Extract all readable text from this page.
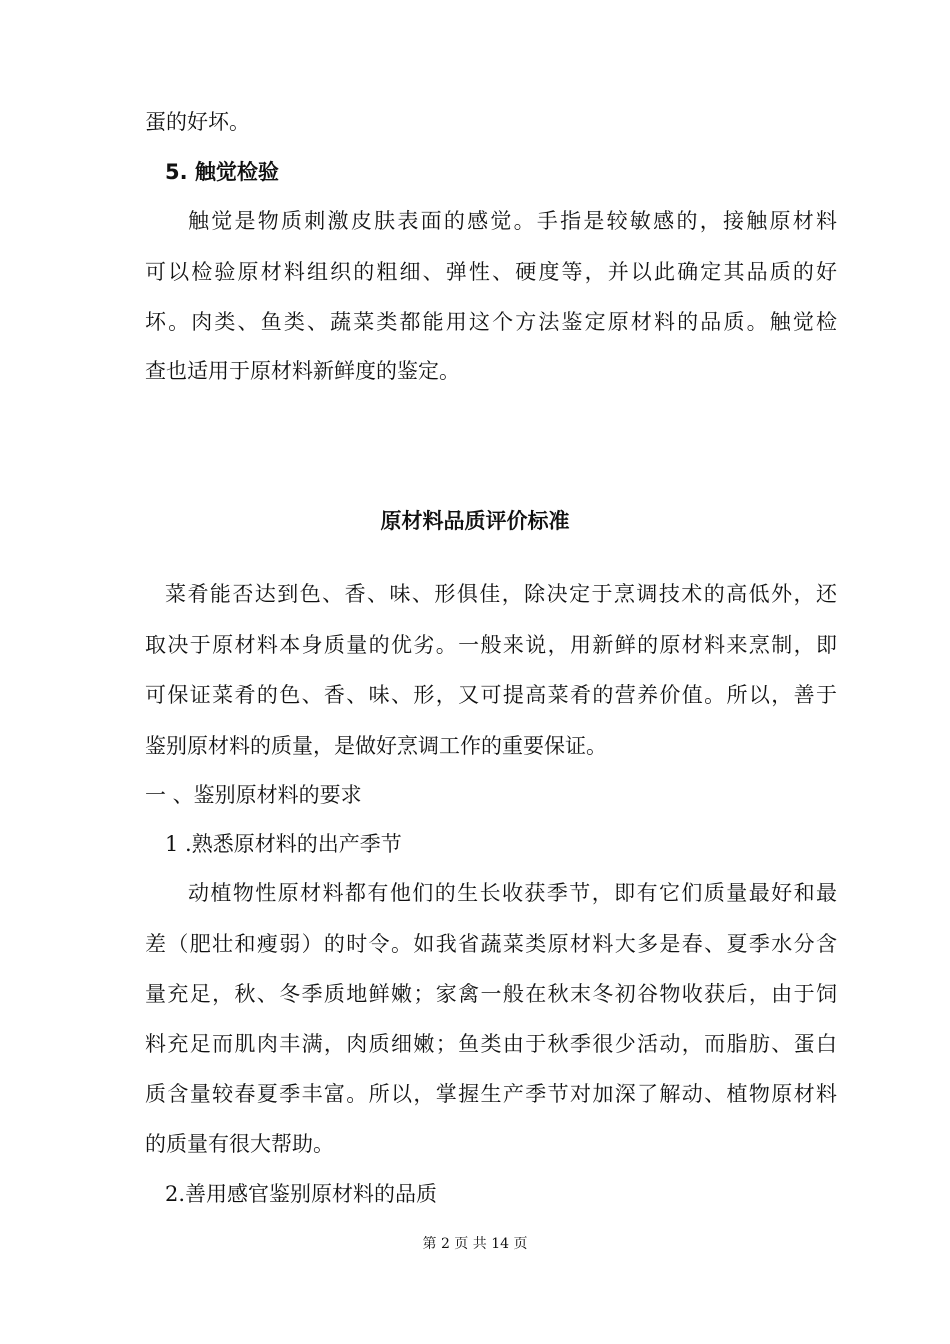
蛋的好坏。
5. 触觉检验
触觉是物质刺激皮肤表面的感觉。手指是较敏感的，接触原材料
可以检验原材料组织的粗细、弹性、硬度等，并以此确定其品质的好
坏。肉类、鱼类、蔬菜类都能用这个方法鉴定原材料的品质。触觉检
查也适用于原材料新鲜度的鉴定。
原材料品质评价标准
菜肴能否达到色、香、味、形俱佳，除决定于烹调技术的高低外，还
取决于原材料本身质量的优劣。一般来说，用新鲜的原材料来烹制，即
可保证菜肴的色、香、味、形，又可提高菜肴的营养价值。所以，善于
鉴别原材料的质量，是做好烹调工作的重要保证。
一 、鉴别原材料的要求
1 .熟悉原材料的出产季节
动植物性原材料都有他们的生长收获季节，即有它们质量最好和最
差（肥壮和瘦弱）的时令。如我省蔬菜类原材料大多是春、夏季水分含
量充足，秋、冬季质地鲜嫩；家禽一般在秋末冬初谷物收获后，由于饲
料充足而肌肉丰满，肉质细嫩；鱼类由于秋季很少活动，而脂肪、蛋白
质含量较春夏季丰富。所以，掌握生产季节对加深了解动、植物原材料
的质量有很大帮助。
2.善用感官鉴别原材料的品质
第 2 页 共 14 页
